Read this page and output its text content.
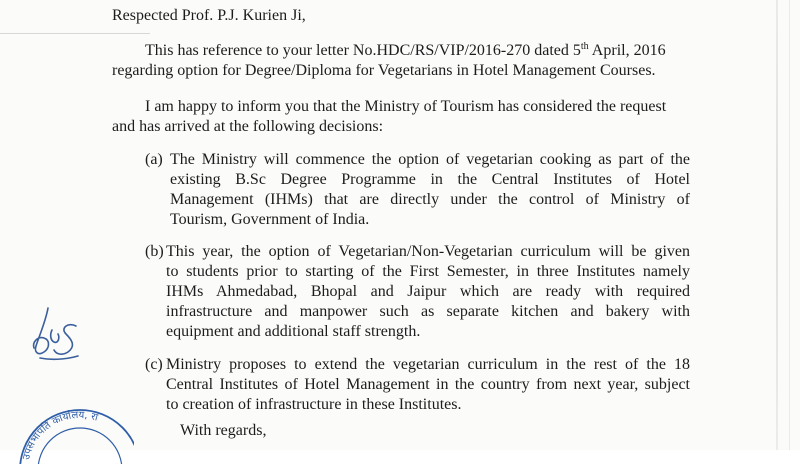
Respected Prof. P.J. Kurien Ji,
This has reference to your letter No.HDC/RS/VIP/2016-270 dated 5th April, 2016
regarding option for Degree/Diploma for Vegetarians in Hotel Management Courses.
I am happy to inform you that the Ministry of Tourism has considered the request
and has arrived at the following decisions:
(a) The Ministry will commence the option of vegetarian cooking as part of the
existing B.Sc Degree Programme in the Central Institutes of Hotel
Management (IHMs) that are directly under the control of Ministry of
Tourism, Government of India.
(b) This year, the option of Vegetarian/Non-Vegetarian curriculum will be given
to students prior to starting of the First Semester, in three Institutes namely
IHMs Ahmedabad, Bhopal and Jaipur which are ready with required
infrastructure and manpower such as separate kitchen and bakery with
equipment and additional staff strength.
(c) Ministry proposes to extend the vegetarian curriculum in the rest of the 18
Central Institutes of Hotel Management in the country from next year, subject
to creation of infrastructure in these Institutes.
With regards,
उपसभापति कार्यालय, रा
